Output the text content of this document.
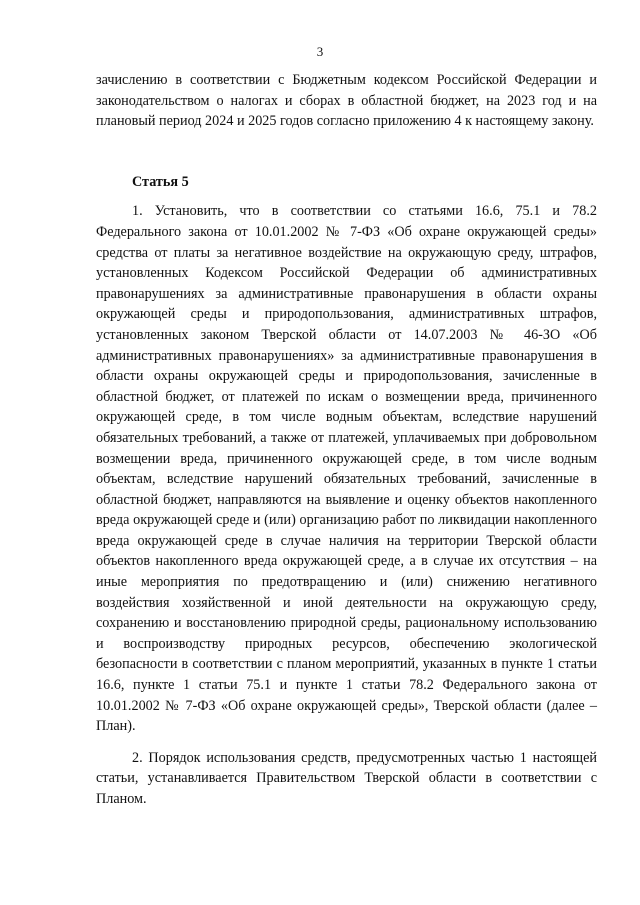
3

зачислению в соответствии с Бюджетным кодексом Российской Федерации и законодательством о налогах и сборах в областной бюджет, на 2023 год и на плановый период 2024 и 2025 годов согласно приложению 4 к настоящему закону.

Статья 5

1. Установить, что в соответствии со статьями 16.6, 75.1 и 78.2 Федерального закона от 10.01.2002 № 7-ФЗ «Об охране окружающей среды» средства от платы за негативное воздействие на окружающую среду, штрафов, установленных Кодексом Российской Федерации об административных правонарушениях за административные правонарушения в области охраны окружающей среды и природопользования, административных штрафов, установленных законом Тверской области от 14.07.2003 № 46-ЗО «Об административных правонарушениях» за административные правонарушения в области охраны окружающей среды и природопользования, зачисленные в областной бюджет, от платежей по искам о возмещении вреда, причиненного окружающей среде, в том числе водным объектам, вследствие нарушений обязательных требований, а также от платежей, уплачиваемых при добровольном возмещении вреда, причиненного окружающей среде, в том числе водным объектам, вследствие нарушений обязательных требований, зачисленные в областной бюджет, направляются на выявление и оценку объектов накопленного вреда окружающей среде и (или) организацию работ по ликвидации накопленного вреда окружающей среде в случае наличия на территории Тверской области объектов накопленного вреда окружающей среде, а в случае их отсутствия – на иные мероприятия по предотвращению и (или) снижению негативного воздействия хозяйственной и иной деятельности на окружающую среду, сохранению и восстановлению природной среды, рациональному использованию и воспроизводству природных ресурсов, обеспечению экологической безопасности в соответствии с планом мероприятий, указанных в пункте 1 статьи 16.6, пункте 1 статьи 75.1 и пункте 1 статьи 78.2 Федерального закона от 10.01.2002 № 7-ФЗ «Об охране окружающей среды», Тверской области (далее – План).

2. Порядок использования средств, предусмотренных частью 1 настоящей статьи, устанавливается Правительством Тверской области в соответствии с Планом.
